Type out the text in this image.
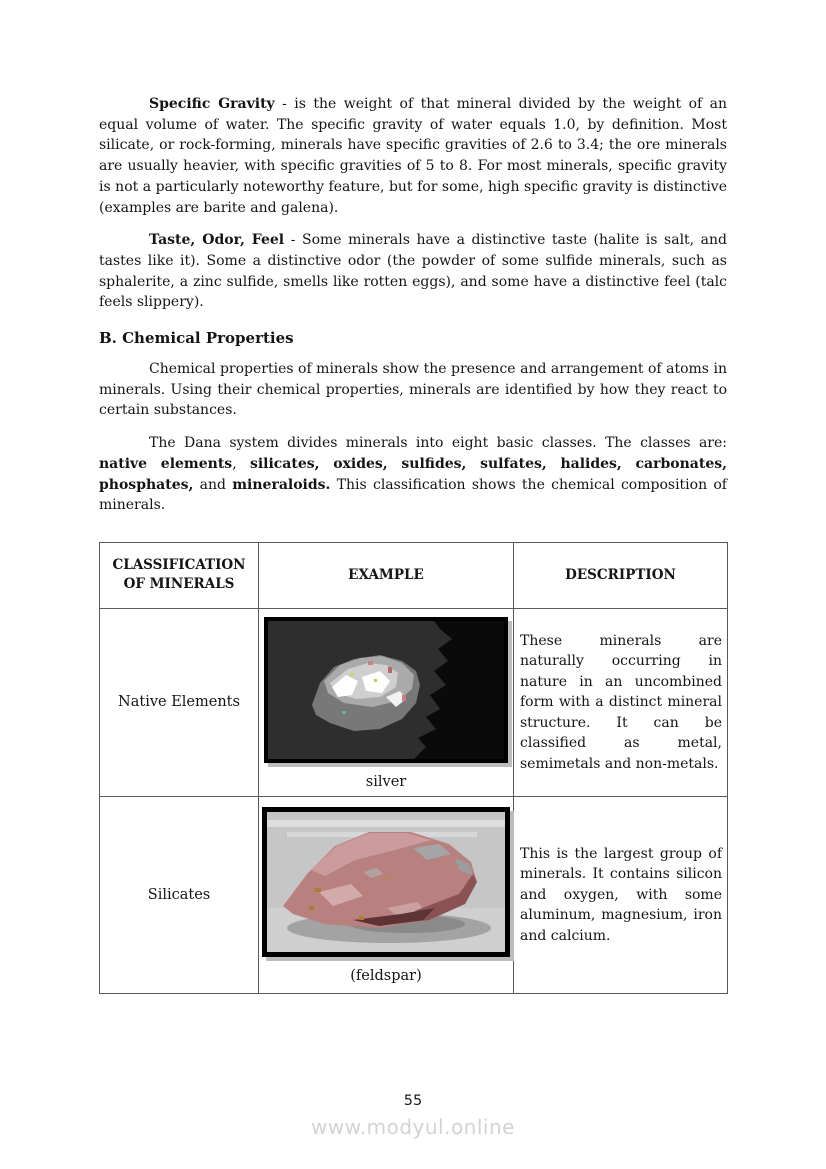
Specific Gravity - is the weight of that mineral divided by the weight of an equal volume of water. The specific gravity of water equals 1.0, by definition. Most silicate, or rock-forming, minerals have specific gravities of 2.6 to 3.4; the ore minerals are usually heavier, with specific gravities of 5 to 8. For most minerals, specific gravity is not a particularly noteworthy feature, but for some, high specific gravity is distinctive (examples are barite and galena).

Taste, Odor, Feel - Some minerals have a distinctive taste (halite is salt, and tastes like it). Some a distinctive odor (the powder of some sulfide minerals, such as sphalerite, a zinc sulfide, smells like rotten eggs), and some have a distinctive feel (talc feels slippery).

B. Chemical Properties

Chemical properties of minerals show the presence and arrangement of atoms in minerals. Using their chemical properties, minerals are identified by how they react to certain substances.

The Dana system divides minerals into eight basic classes. The classes are: native elements, silicates, oxides, sulfides, sulfates, halides, carbonates, phosphates, and mineraloids. This classification shows the chemical composition of minerals.

CLASSIFICATION OF MINERALS	EXAMPLE	DESCRIPTION
Native Elements	silver	These minerals are naturally occurring in nature in an uncombined form with a distinct mineral structure. It can be classified as metal, semimetals and non-metals.
Silicates	(feldspar)	This is the largest group of minerals. It contains silicon and oxygen, with some aluminum, magnesium, iron and calcium.
55
www.modyul.online
